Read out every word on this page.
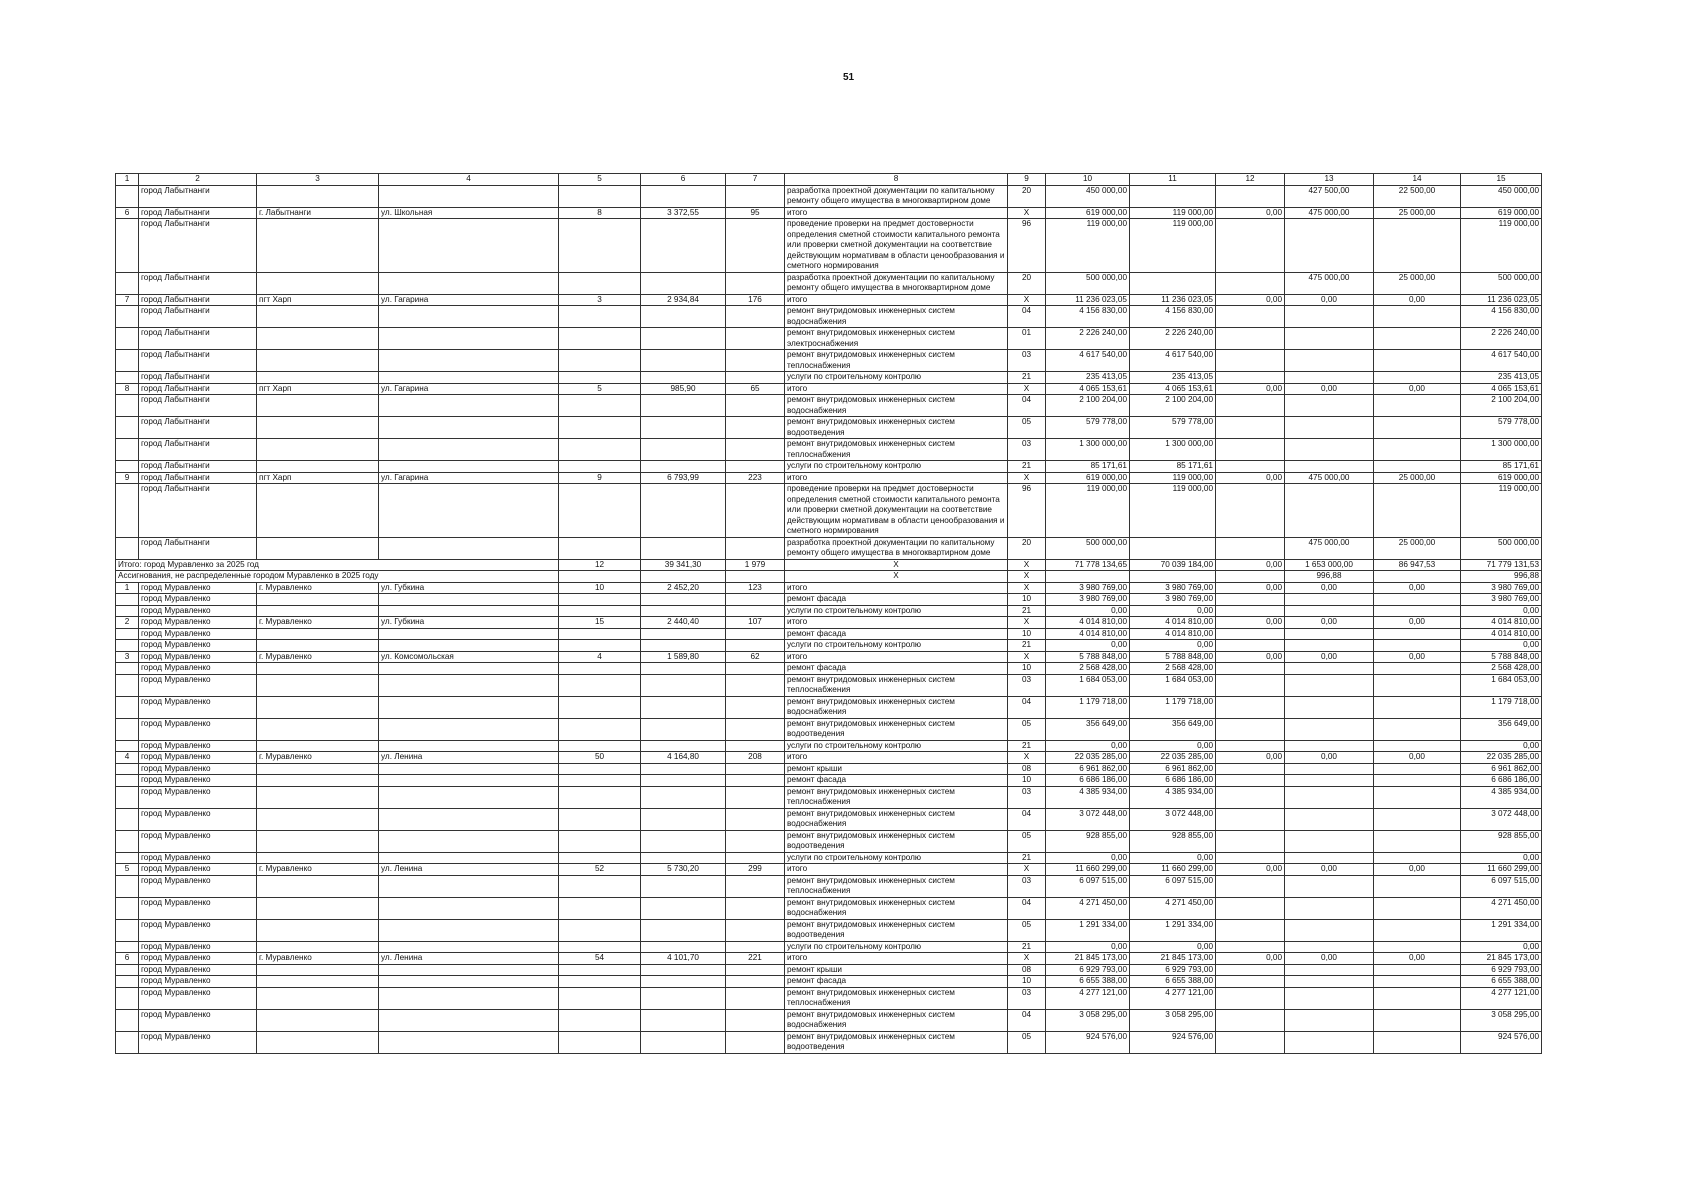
51
1	2	3	4	5	6	7	8	9	10	11	12	13	14	15
	город Лабытнанги						разработка проектной документации по капитальному ремонту общего имущества в многоквартирном доме	20	450 000,00			427 500,00	22 500,00	450 000,00
6	город Лабытнанги	г. Лабытнанги	ул. Школьная	8	3 372,55	95	итого	Х	619 000,00	119 000,00	0,00	475 000,00	25 000,00	619 000,00
	город Лабытнанги						проведение проверки на предмет достоверности определения сметной стоимости капитального ремонта или проверки сметной документации на соответствие действующим нормативам в области ценообразования и сметного нормирования	96	119 000,00	119 000,00				119 000,00
	город Лабытнанги						разработка проектной документации по капитальному ремонту общего имущества в многоквартирном доме	20	500 000,00			475 000,00	25 000,00	500 000,00
7	город Лабытнанги	пгт Харп	ул. Гагарина	3	2 934,84	176	итого	Х	11 236 023,05	11 236 023,05	0,00	0,00	0,00	11 236 023,05
	город Лабытнанги						ремонт внутридомовых инженерных систем водоснабжения	04	4 156 830,00	4 156 830,00				4 156 830,00
	город Лабытнанги						ремонт внутридомовых инженерных систем электроснабжения	01	2 226 240,00	2 226 240,00				2 226 240,00
	город Лабытнанги						ремонт внутридомовых инженерных систем теплоснабжения	03	4 617 540,00	4 617 540,00				4 617 540,00
	город Лабытнанги						услуги по строительному контролю	21	235 413,05	235 413,05				235 413,05
8	город Лабытнанги	пгт Харп	ул. Гагарина	5	985,90	65	итого	Х	4 065 153,61	4 065 153,61	0,00	0,00	0,00	4 065 153,61
	город Лабытнанги						ремонт внутридомовых инженерных систем водоснабжения	04	2 100 204,00	2 100 204,00				2 100 204,00
	город Лабытнанги						ремонт внутридомовых инженерных систем водоотведения	05	579 778,00	579 778,00				579 778,00
	город Лабытнанги						ремонт внутридомовых инженерных систем теплоснабжения	03	1 300 000,00	1 300 000,00				1 300 000,00
	город Лабытнанги						услуги по строительному контролю	21	85 171,61	85 171,61				85 171,61
9	город Лабытнанги	пгт Харп	ул. Гагарина	9	6 793,99	223	итого	Х	619 000,00	119 000,00	0,00	475 000,00	25 000,00	619 000,00
	город Лабытнанги						проведение проверки на предмет достоверности определения сметной стоимости капитального ремонта или проверки сметной документации на соответствие действующим нормативам в области ценообразования и сметного нормирования	96	119 000,00	119 000,00				119 000,00
	город Лабытнанги						разработка проектной документации по капитальному ремонту общего имущества в многоквартирном доме	20	500 000,00			475 000,00	25 000,00	500 000,00
Итого: город Муравленко за 2025 год				12	39 341,30	1 979	Х	Х	71 778 134,65	70 039 184,00	0,00	1 653 000,00	86 947,53	71 779 131,53
Ассигнования, не распределенные городом Муравленко в 2025 году							Х	Х				996,88		996,88
1	город Муравленко	г. Муравленко	ул. Губкина	10	2 452,20	123	итого	Х	3 980 769,00	3 980 769,00	0,00	0,00	0,00	3 980 769,00
	город Муравленко						ремонт фасада	10	3 980 769,00	3 980 769,00				3 980 769,00
	город Муравленко						услуги по строительному контролю	21	0,00	0,00				0,00
2	город Муравленко	г. Муравленко	ул. Губкина	15	2 440,40	107	итого	Х	4 014 810,00	4 014 810,00	0,00	0,00	0,00	4 014 810,00
	город Муравленко						ремонт фасада	10	4 014 810,00	4 014 810,00				4 014 810,00
	город Муравленко						услуги по строительному контролю	21	0,00	0,00				0,00
3	город Муравленко	г. Муравленко	ул. Комсомольская	4	1 589,80	62	итого	Х	5 788 848,00	5 788 848,00	0,00	0,00	0,00	5 788 848,00
	город Муравленко						ремонт фасада	10	2 568 428,00	2 568 428,00				2 568 428,00
	город Муравленко						ремонт внутридомовых инженерных систем теплоснабжения	03	1 684 053,00	1 684 053,00				1 684 053,00
	город Муравленко						ремонт внутридомовых инженерных систем водоснабжения	04	1 179 718,00	1 179 718,00				1 179 718,00
	город Муравленко						ремонт внутридомовых инженерных систем водоотведения	05	356 649,00	356 649,00				356 649,00
	город Муравленко						услуги по строительному контролю	21	0,00	0,00				0,00
4	город Муравленко	г. Муравленко	ул. Ленина	50	4 164,80	208	итого	Х	22 035 285,00	22 035 285,00	0,00	0,00	0,00	22 035 285,00
	город Муравленко						ремонт крыши	08	6 961 862,00	6 961 862,00				6 961 862,00
	город Муравленко						ремонт фасада	10	6 686 186,00	6 686 186,00				6 686 186,00
	город Муравленко						ремонт внутридомовых инженерных систем теплоснабжения	03	4 385 934,00	4 385 934,00				4 385 934,00
	город Муравленко						ремонт внутридомовых инженерных систем водоснабжения	04	3 072 448,00	3 072 448,00				3 072 448,00
	город Муравленко						ремонт внутридомовых инженерных систем водоотведения	05	928 855,00	928 855,00				928 855,00
	город Муравленко						услуги по строительному контролю	21	0,00	0,00				0,00
5	город Муравленко	г. Муравленко	ул. Ленина	52	5 730,20	299	итого	Х	11 660 299,00	11 660 299,00	0,00	0,00	0,00	11 660 299,00
	город Муравленко						ремонт внутридомовых инженерных систем теплоснабжения	03	6 097 515,00	6 097 515,00				6 097 515,00
	город Муравленко						ремонт внутридомовых инженерных систем водоснабжения	04	4 271 450,00	4 271 450,00				4 271 450,00
	город Муравленко						ремонт внутридомовых инженерных систем водоотведения	05	1 291 334,00	1 291 334,00				1 291 334,00
	город Муравленко						услуги по строительному контролю	21	0,00	0,00				0,00
6	город Муравленко	г. Муравленко	ул. Ленина	54	4 101,70	221	итого	Х	21 845 173,00	21 845 173,00	0,00	0,00	0,00	21 845 173,00
	город Муравленко						ремонт крыши	08	6 929 793,00	6 929 793,00				6 929 793,00
	город Муравленко						ремонт фасада	10	6 655 388,00	6 655 388,00				6 655 388,00
	город Муравленко						ремонт внутридомовых инженерных систем теплоснабжения	03	4 277 121,00	4 277 121,00				4 277 121,00
	город Муравленко						ремонт внутридомовых инженерных систем водоснабжения	04	3 058 295,00	3 058 295,00				3 058 295,00
	город Муравленко						ремонт внутридомовых инженерных систем водоотведения	05	924 576,00	924 576,00				924 576,00
